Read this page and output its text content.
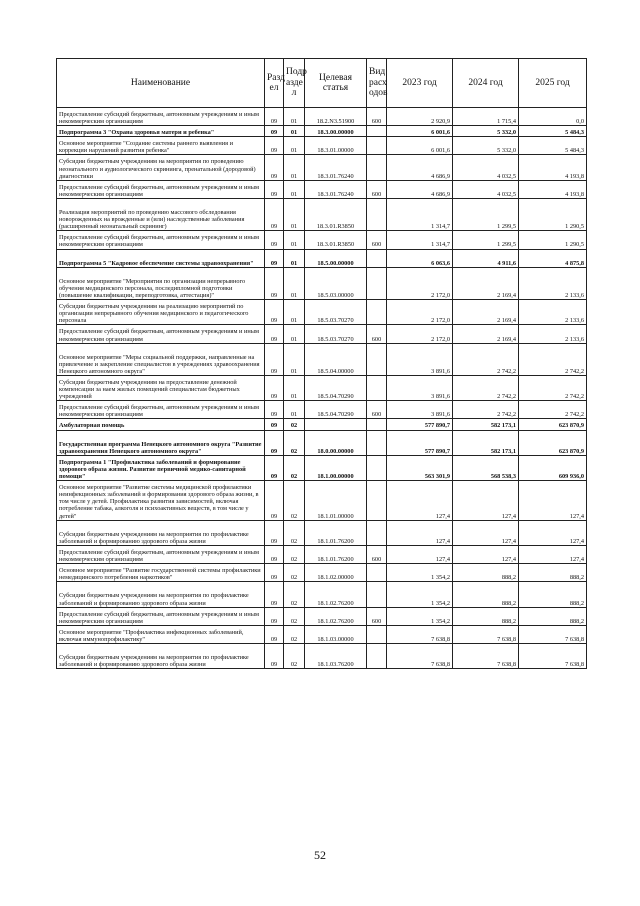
Наименование	Разд ел	Подр азде л	Целевая статья	Вид расх одов	2023 год	2024 год	2025 год
Предоставление субсидий бюджетным, автономным учреждениям и иным некоммерческим организациям	09	01	18.2.N3.51900	600	2 920,9	1 715,4	0,0
Подпрограмма 3 "Охрана здоровья матери и ребенка"	09	01	18.3.00.00000		6 001,6	5 332,0	5 484,3
Основное мероприятие "Создание системы раннего выявления и коррекции нарушений развития ребенка"	09	01	18.3.01.00000		6 001,6	5 332,0	5 484,3
Субсидии бюджетным учреждениям на мероприятия по проведению неонатального и аудиологического скрининга, пренатальной (дородовой) диагностики	09	01	18.3.01.76240		4 686,9	4 032,5	4 193,8
Предоставление субсидий бюджетным, автономным учреждениям и иным некоммерческим организациям	09	01	18.3.01.76240	600	4 686,9	4 032,5	4 193,8
Реализация мероприятий по проведению массового обследования новорожденных на врожденные и (или) наследственные заболевания (расширенный неонатальный скрининг)	09	01	18.3.01.R3850		1 314,7	1 299,5	1 290,5
Предоставление субсидий бюджетным, автономным учреждениям и иным некоммерческим организациям	09	01	18.3.01.R3850	600	1 314,7	1 299,5	1 290,5
Подпрограмма 5 "Кадровое обеспечение системы здравоохранения"	09	01	18.5.00.00000		6 063,6	4 911,6	4 875,8
Основное мероприятие "Мероприятия по организации непрерывного обучения медицинского персонала, последипломной подготовки (повышение квалификации, переподготовка, аттестация)"	09	01	18.5.03.00000		2 172,0	2 169,4	2 133,6
Субсидии бюджетным учреждениям на реализацию мероприятий по организации непрерывного обучения медицинского и педагогического персонала	09	01	18.5.03.70270		2 172,0	2 169,4	2 133,6
Предоставление субсидий бюджетным, автономным учреждениям и иным некоммерческим организациям	09	01	18.5.03.70270	600	2 172,0	2 169,4	2 133,6
Основное мероприятие "Меры социальной поддержки, направленные на привлечение и закрепление специалистов в учреждениях здравоохранения Ненецкого автономного округа"	09	01	18.5.04.00000		3 891,6	2 742,2	2 742,2
Субсидии бюджетным учреждениям на предоставление денежной компенсации за наем жилых помещений специалистам бюджетных учреждений	09	01	18.5.04.70290		3 891,6	2 742,2	2 742,2
Предоставление субсидий бюджетным, автономным учреждениям и иным некоммерческим организациям	09	01	18.5.04.70290	600	3 891,6	2 742,2	2 742,2
Амбулаторная помощь	09	02			577 890,7	582 173,1	623 870,9
Государственная программа Ненецкого автономного округа "Развитие здравоохранения Ненецкого автономного округа"	09	02	18.0.00.00000		577 890,7	582 173,1	623 870,9
Подпрограмма 1 "Профилактика заболеваний и формирование здорового образа жизни. Развитие первичной медико-санитарной помощи"	09	02	18.1.00.00000		563 301,9	568 538,3	609 936,0
Основное мероприятие "Развитие системы медицинской профилактики неинфекционных заболеваний и формирования здорового образа жизни, в том числе у детей. Профилактика развития зависимостей, включая потребление табака, алкоголя и психоактивных веществ, в том числе у детей"	09	02	18.1.01.00000		127,4	127,4	127,4
Субсидии бюджетным учреждениям на мероприятия по профилактике заболеваний и формированию здорового образа жизни	09	02	18.1.01.76200		127,4	127,4	127,4
Предоставление субсидий бюджетным, автономным учреждениям и иным некоммерческим организациям	09	02	18.1.01.76200	600	127,4	127,4	127,4
Основное мероприятие "Развитие государственной системы профилактики немедицинского потребления наркотиков"	09	02	18.1.02.00000		1 354,2	888,2	888,2
Субсидии бюджетным учреждениям на мероприятия по профилактике заболеваний и формированию здорового образа жизни	09	02	18.1.02.76200		1 354,2	888,2	888,2
Предоставление субсидий бюджетным, автономным учреждениям и иным некоммерческим организациям	09	02	18.1.02.76200	600	1 354,2	888,2	888,2
Основное мероприятие "Профилактика инфекционных заболеваний, включая иммунопрофилактику"	09	02	18.1.03.00000		7 638,8	7 638,8	7 638,8
Субсидии бюджетным учреждениям на мероприятия по профилактике заболеваний и формированию здорового образа жизни	09	02	18.1.03.76200		7 638,8	7 638,8	7 638,8
52
